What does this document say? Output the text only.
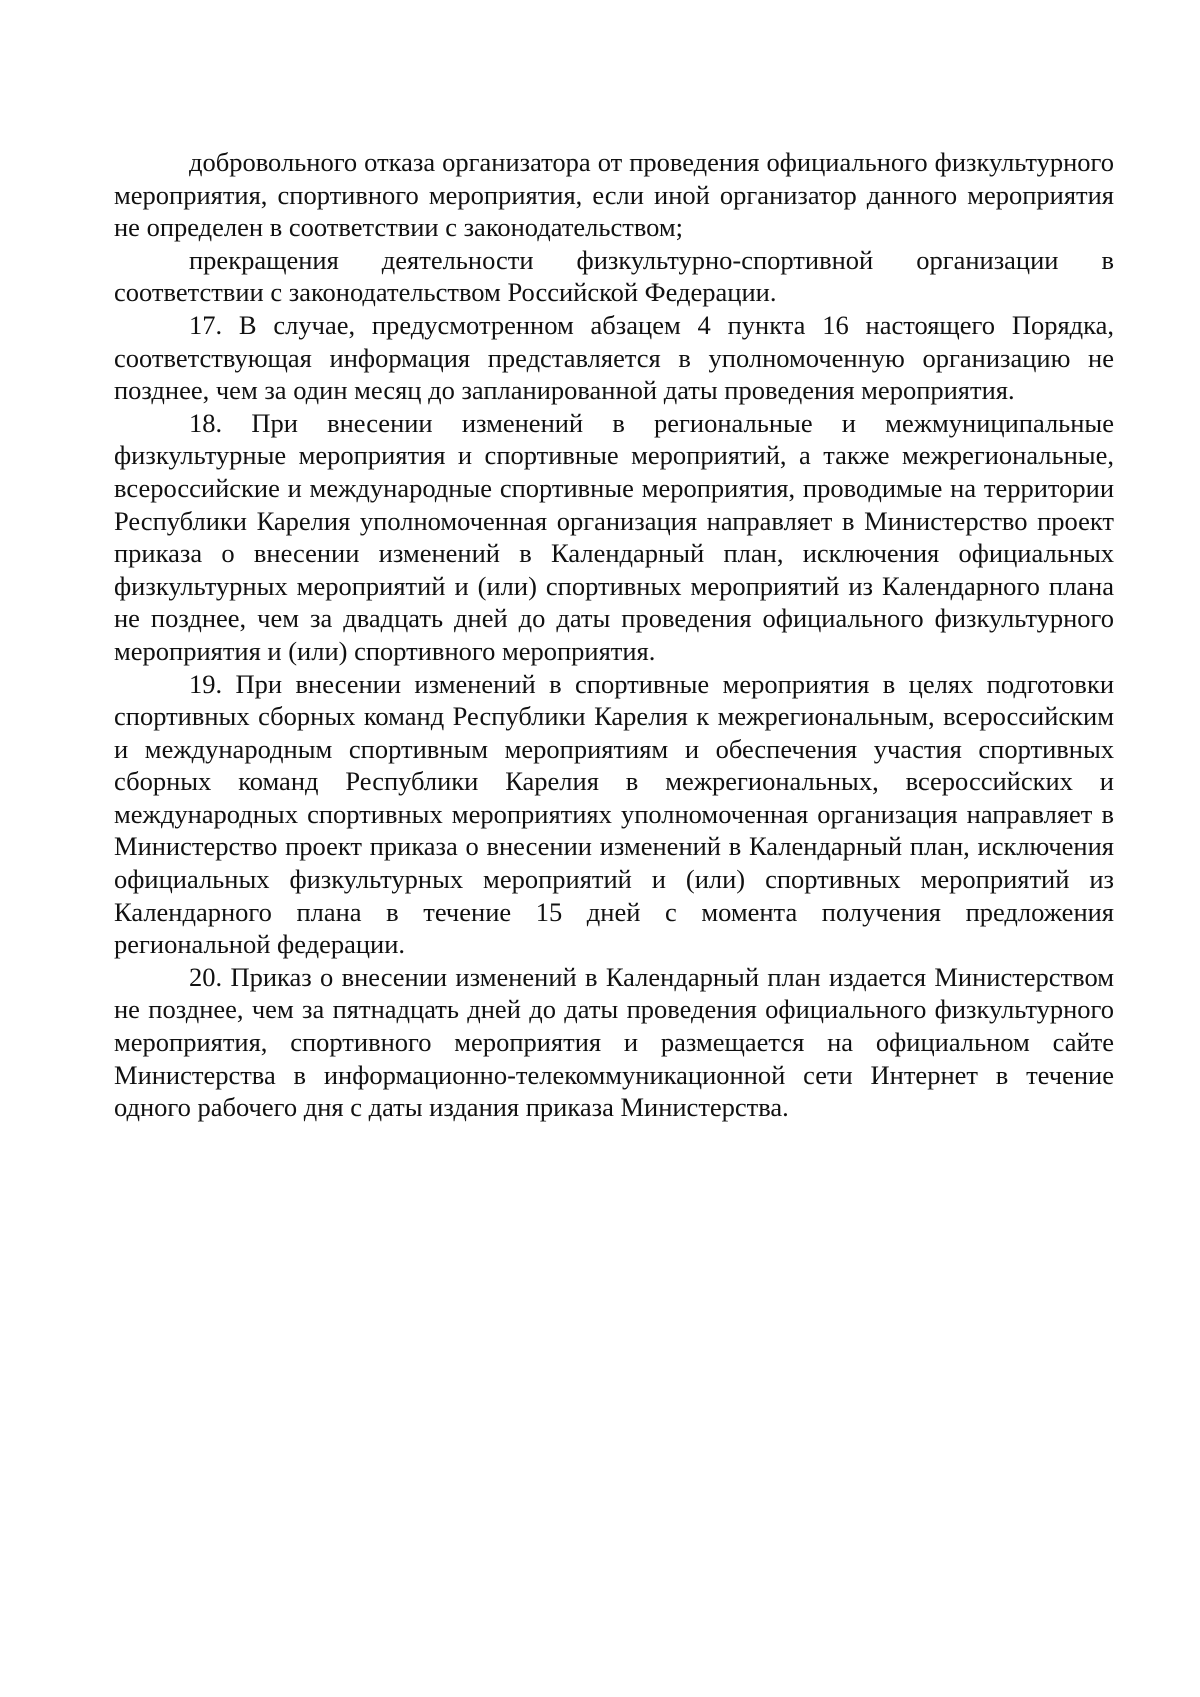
добровольного отказа организатора от проведения официального физкультурного мероприятия, спортивного мероприятия, если иной организатор данного мероприятия не определен в соответствии с законодательством;

прекращения деятельности физкультурно-спортивной организации в соответствии с законодательством Российской Федерации.

17. В случае, предусмотренном абзацем 4 пункта 16 настоящего Порядка, соответствующая информация представляется в уполномоченную организацию не позднее, чем за один месяц до запланированной даты проведения мероприятия.

18. При внесении изменений в региональные и межмуниципальные физкультурные мероприятия и спортивные мероприятий, а также межрегиональные, всероссийские и международные спортивные мероприятия, проводимые на территории Республики Карелия уполномоченная организация направляет в Министерство проект приказа о внесении изменений в Календарный план, исключения официальных физкультурных мероприятий и (или) спортивных мероприятий из Календарного плана не позднее, чем за двадцать дней до даты проведения официального физкультурного мероприятия и (или) спортивного мероприятия.

19. При внесении изменений в спортивные мероприятия в целях подготовки спортивных сборных команд Республики Карелия к межрегиональным, всероссийским и международным спортивным мероприятиям и обеспечения участия спортивных сборных команд Республики Карелия в межрегиональных, всероссийских и международных спортивных мероприятиях уполномоченная организация направляет в Министерство проект приказа о внесении изменений в Календарный план, исключения официальных физкультурных мероприятий и (или) спортивных мероприятий из Календарного плана в течение 15 дней с момента получения предложения региональной федерации.

20. Приказ о внесении изменений в Календарный план издается Министерством не позднее, чем за пятнадцать дней до даты проведения официального физкультурного мероприятия, спортивного мероприятия и размещается на официальном сайте Министерства в информационно-телекоммуникационной сети Интернет в течение одного рабочего дня с даты издания приказа Министерства.
